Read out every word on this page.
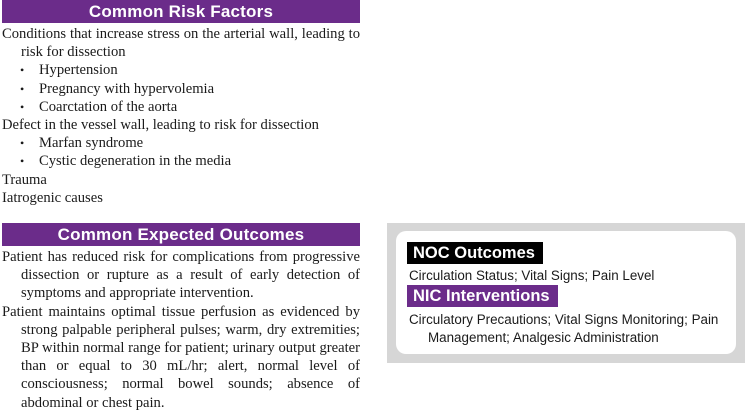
Common Risk Factors

Conditions that increase stress on the arterial wall, leading to risk for dissection

• Hypertension
• Pregnancy with hypervolemia
• Coarctation of the aorta

Defect in the vessel wall, leading to risk for dissection

• Marfan syndrome
• Cystic degeneration in the media

Trauma

Iatrogenic causes

Common Expected Outcomes

Patient has reduced risk for complications from progressive dissection or rupture as a result of early detection of symptoms and appropriate intervention.

Patient maintains optimal tissue perfusion as evidenced by strong palpable peripheral pulses; warm, dry extremities; BP within normal range for patient; urinary output greater than or equal to 30 mL/hr; alert, normal level of consciousness; normal bowel sounds; absence of abdominal or chest pain.

NOC Outcomes
Circulation Status; Vital Signs; Pain Level
NIC Interventions
Circulatory Precautions; Vital Signs Monitoring; Pain Management; Analgesic Administration
